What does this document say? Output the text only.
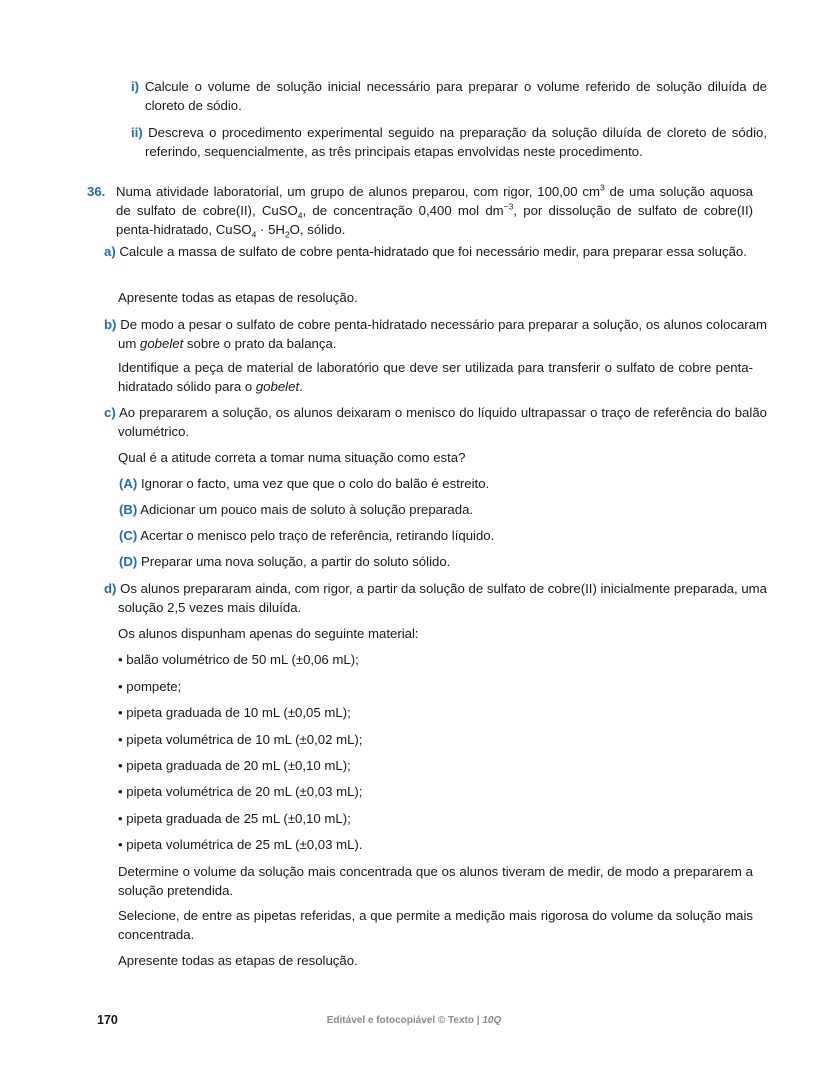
i) Calcule o volume de solução inicial necessário para preparar o volume referido de solução diluída de cloreto de sódio.

ii) Descreva o procedimento experimental seguido na preparação da solução diluída de cloreto de sódio, referindo, sequencialmente, as três principais etapas envolvidas neste procedimento.

36. Numa atividade laboratorial, um grupo de alunos preparou, com rigor, 100,00 $cm^3$ de uma solução aquosa de sulfato de cobre(II), CuSO$_4$, de concentração 0,400 mol $dm^{-3}$, por dissolução de sulfato de cobre(II) penta-hidratado, CuSO$_4$ · $5H_2O$, sólido.

a) Calcule a massa de sulfato de cobre penta-hidratado que foi necessário medir, para preparar essa solução.

Apresente todas as etapas de resolução.

b) De modo a pesar o sulfato de cobre penta-hidratado necessário para preparar a solução, os alunos colocaram um gobelet sobre o prato da balança.

Identifique a peça de material de laboratório que deve ser utilizada para transferir o sulfato de cobre penta-hidratado sólido para o gobelet.

c) Ao prepararem a solução, os alunos deixaram o menisco do líquido ultrapassar o traço de referência do balão volumétrico.

Qual é a atitude correta a tomar numa situação como esta?

(A) Ignorar o facto, uma vez que que o colo do balão é estreito.

(B) Adicionar um pouco mais de soluto à solução preparada.

(C) Acertar o menisco pelo traço de referência, retirando líquido.

(D) Preparar uma nova solução, a partir do soluto sólido.

d) Os alunos prepararam ainda, com rigor, a partir da solução de sulfato de cobre(II) inicialmente preparada, uma solução 2,5 vezes mais diluída.

Os alunos dispunham apenas do seguinte material:

• balão volumétrico de 50 mL (±0,06 mL);

• pompete;

• pipeta graduada de 10 mL (±0,05 mL);

• pipeta volumétrica de 10 mL (±0,02 mL);

• pipeta graduada de 20 mL (±0,10 mL);

• pipeta volumétrica de 20 mL (±0,03 mL);

• pipeta graduada de 25 mL (±0,10 mL);

• pipeta volumétrica de 25 mL (±0,03 mL).

Determine o volume da solução mais concentrada que os alunos tiveram de medir, de modo a prepararem a solução pretendida.

Selecione, de entre as pipetas referidas, a que permite a medição mais rigorosa do volume da solução mais concentrada.

Apresente todas as etapas de resolução.

170	Editável e fotocopiável © Texto | 10Q
